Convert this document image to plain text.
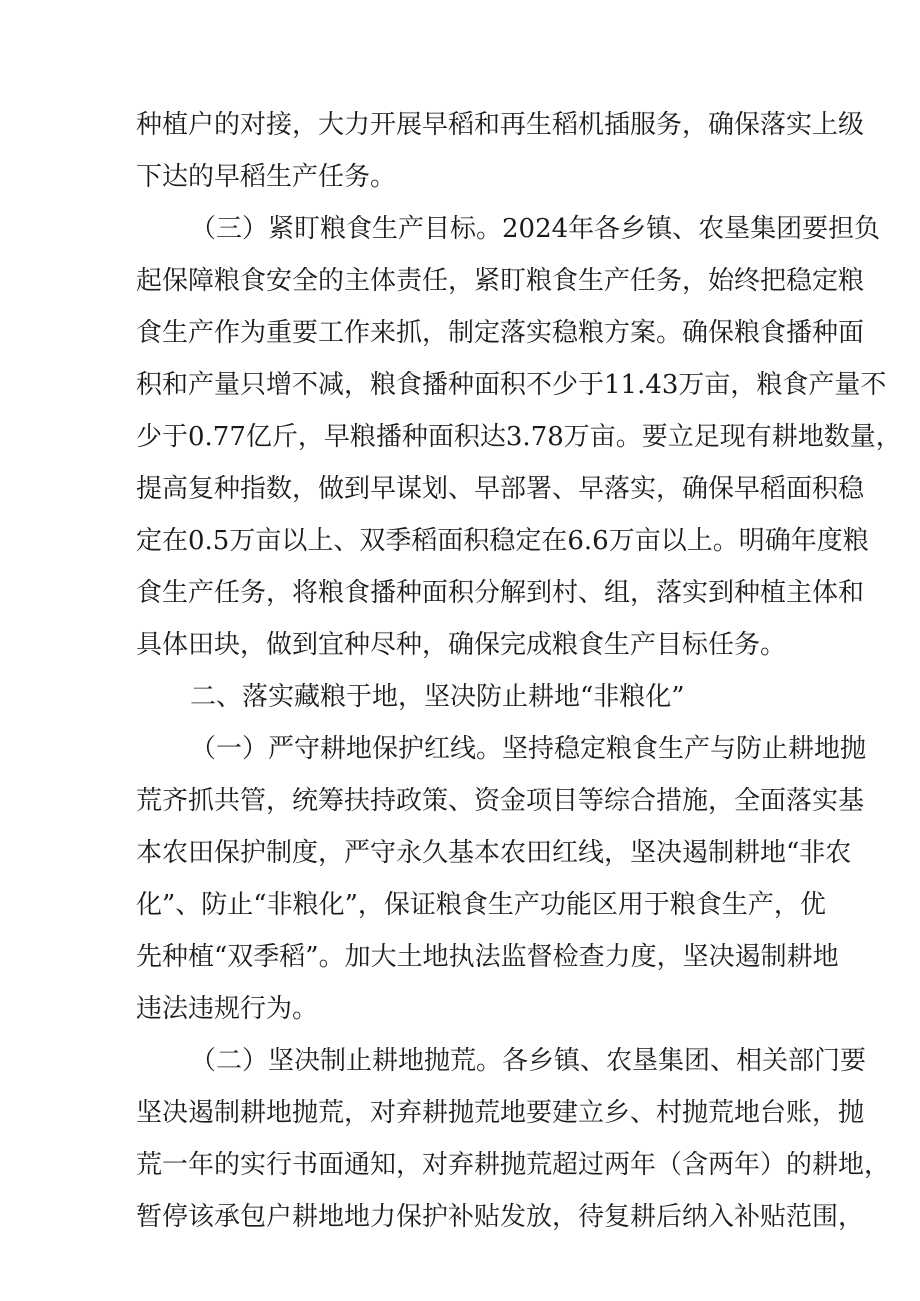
种植户的对接，大力开展早稻和再生稻机插服务，确保落实上级

下达的早稻生产任务。

（三）紧盯粮食生产目标。2024年各乡镇、农垦集团要担负

起保障粮食安全的主体责任，紧盯粮食生产任务，始终把稳定粮

食生产作为重要工作来抓，制定落实稳粮方案。确保粮食播种面

积和产量只增不减，粮食播种面积不少于11.43万亩，粮食产量不

少于0.77亿斤，早粮播种面积达3.78万亩。要立足现有耕地数量，

提高复种指数，做到早谋划、早部署、早落实，确保早稻面积稳

定在0.5万亩以上、双季稻面积稳定在6.6万亩以上。明确年度粮

食生产任务，将粮食播种面积分解到村、组，落实到种植主体和

具体田块，做到宜种尽种，确保完成粮食生产目标任务。

二、落实藏粮于地，坚决防止耕地“非粮化”

（一）严守耕地保护红线。坚持稳定粮食生产与防止耕地抛

荒齐抓共管，统筹扶持政策、资金项目等综合措施，全面落实基

本农田保护制度，严守永久基本农田红线，坚决遏制耕地“非农

化”、防止“非粮化”，保证粮食生产功能区用于粮食生产，优

先种植“双季稻”。加大土地执法监督检查力度，坚决遏制耕地

违法违规行为。

（二）坚决制止耕地抛荒。各乡镇、农垦集团、相关部门要

坚决遏制耕地抛荒，对弃耕抛荒地要建立乡、村抛荒地台账，抛

荒一年的实行书面通知，对弃耕抛荒超过两年（含两年）的耕地，

暂停该承包户耕地地力保护补贴发放，待复耕后纳入补贴范围，
